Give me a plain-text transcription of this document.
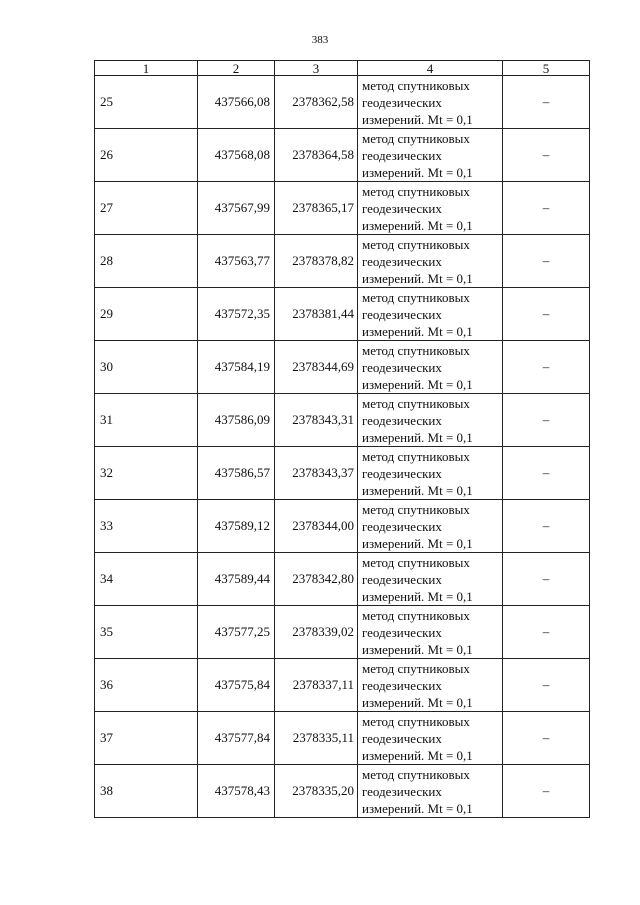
383
1	2	3	4	5
25	437566,08	2378362,58	метод спутниковых
геодезических
измерений. Mt = 0,1	–
26	437568,08	2378364,58	метод спутниковых
геодезических
измерений. Mt = 0,1	–
27	437567,99	2378365,17	метод спутниковых
геодезических
измерений. Mt = 0,1	–
28	437563,77	2378378,82	метод спутниковых
геодезических
измерений. Mt = 0,1	–
29	437572,35	2378381,44	метод спутниковых
геодезических
измерений. Mt = 0,1	–
30	437584,19	2378344,69	метод спутниковых
геодезических
измерений. Mt = 0,1	–
31	437586,09	2378343,31	метод спутниковых
геодезических
измерений. Mt = 0,1	–
32	437586,57	2378343,37	метод спутниковых
геодезических
измерений. Mt = 0,1	–
33	437589,12	2378344,00	метод спутниковых
геодезических
измерений. Mt = 0,1	–
34	437589,44	2378342,80	метод спутниковых
геодезических
измерений. Mt = 0,1	–
35	437577,25	2378339,02	метод спутниковых
геодезических
измерений. Mt = 0,1	–
36	437575,84	2378337,11	метод спутниковых
геодезических
измерений. Mt = 0,1	–
37	437577,84	2378335,11	метод спутниковых
геодезических
измерений. Mt = 0,1	–
38	437578,43	2378335,20	метод спутниковых
геодезических
измерений. Mt = 0,1	–
